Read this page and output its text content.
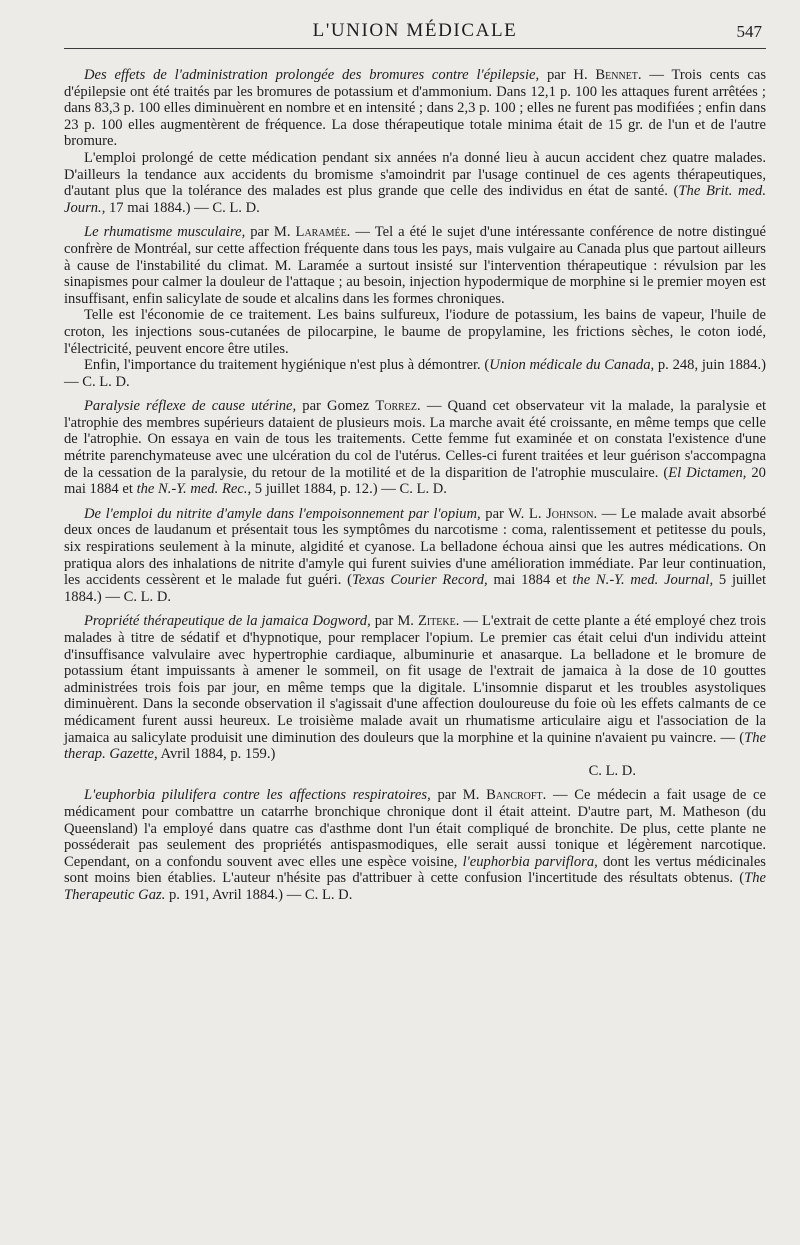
L'UNION MÉDICALE	547

Des effets de l'administration prolongée des bromures contre l'épilepsie, par H. Bennet. — Trois cents cas d'épilepsie ont été traités par les bromures de potassium et d'ammonium. Dans 12,1 p. 100 les attaques furent arrêtées ; dans 83,3 p. 100 elles diminuèrent en nombre et en intensité ; dans 2,3 p. 100 ; elles ne furent pas modifiées ; enfin dans 23 p. 100 elles augmentèrent de fréquence. La dose thérapeutique totale minima était de 15 gr. de l'un et de l'autre bromure.

L'emploi prolongé de cette médication pendant six années n'a donné lieu à aucun accident chez quatre malades. D'ailleurs la tendance aux accidents du bromisme s'amoindrit par l'usage continuel de ces agents thérapeutiques, d'autant plus que la tolérance des malades est plus grande que celle des individus en état de santé. (The Brit. med. Journ., 17 mai 1884.) — C. L. D.

Le rhumatisme musculaire, par M. Laramée. — Tel a été le sujet d'une intéressante conférence de notre distingué confrère de Montréal, sur cette affection fréquente dans tous les pays, mais vulgaire au Canada plus que partout ailleurs à cause de l'instabilité du climat. M. Laramée a surtout insisté sur l'intervention thérapeutique : révulsion par les sinapismes pour calmer la douleur de l'attaque ; au besoin, injection hypodermique de morphine si le premier moyen est insuffisant, enfin salicylate de soude et alcalins dans les formes chroniques.

Telle est l'économie de ce traitement. Les bains sulfureux, l'iodure de potassium, les bains de vapeur, l'huile de croton, les injections sous-cutanées de pilocarpine, le baume de propylamine, les frictions sèches, le coton iodé, l'électricité, peuvent encore être utiles.

Enfin, l'importance du traitement hygiénique n'est plus à démontrer. (Union médicale du Canada, p. 248, juin 1884.) — C. L. D.

Paralysie réflexe de cause utérine, par Gomez Torrez. — Quand cet observateur vit la malade, la paralysie et l'atrophie des membres supérieurs dataient de plusieurs mois. La marche avait été croissante, en même temps que celle de l'atrophie. On essaya en vain de tous les traitements. Cette femme fut examinée et on constata l'existence d'une métrite parenchymateuse avec une ulcération du col de l'utérus. Celles-ci furent traitées et leur guérison s'accompagna de la cessation de la paralysie, du retour de la motilité et de la disparition de l'atrophie musculaire. (El Dictamen, 20 mai 1884 et the N.-Y. med. Rec., 5 juillet 1884, p. 12.) — C. L. D.

De l'emploi du nitrite d'amyle dans l'empoisonnement par l'opium, par W. L. Johnson. — Le malade avait absorbé deux onces de laudanum et présentait tous les symptômes du narcotisme : coma, ralentissement et petitesse du pouls, six respirations seulement à la minute, algidité et cyanose. La belladone échoua ainsi que les autres médications. On pratiqua alors des inhalations de nitrite d'amyle qui furent suivies d'une amélioration immédiate. Par leur continuation, les accidents cessèrent et le malade fut guéri. (Texas Courier Record, mai 1884 et the N.-Y. med. Journal, 5 juillet 1884.) — C. L. D.

Propriété thérapeutique de la jamaica Dogword, par M. Ziteke. — L'extrait de cette plante a été employé chez trois malades à titre de sédatif et d'hypnotique, pour remplacer l'opium. Le premier cas était celui d'un individu atteint d'insuffisance valvulaire avec hypertrophie cardiaque, albuminurie et anasarque. La belladone et le bromure de potassium étant impuissants à amener le sommeil, on fit usage de l'extrait de jamaica à la dose de 10 gouttes administrées trois fois par jour, en même temps que la digitale. L'insomnie disparut et les troubles asystoliques diminuèrent. Dans la seconde observation il s'agissait d'une affection douloureuse du foie où les effets calmants de ce médicament furent aussi heureux. Le troisième malade avait un rhumatisme articulaire aigu et l'association de la jamaica au salicylate produisit une diminution des douleurs que la morphine et la quinine n'avaient pu vaincre. — (The therap. Gazette, Avril 1884, p. 159.)

C. L. D.

L'euphorbia pilulifera contre les affections respiratoires, par M. Bancroft. — Ce médecin a fait usage de ce médicament pour combattre un catarrhe bronchique chronique dont il était atteint. D'autre part, M. Matheson (du Queensland) l'a employé dans quatre cas d'asthme dont l'un était compliqué de bronchite. De plus, cette plante ne posséderait pas seulement des propriétés antispasmodiques, elle serait aussi tonique et légèrement narcotique. Cependant, on a confondu souvent avec elles une espèce voisine, l'euphorbia parviflora, dont les vertus médicinales sont moins bien établies. L'auteur n'hésite pas d'attribuer à cette confusion l'incertitude des résultats obtenus. (The Therapeutic Gaz. p. 191, Avril 1884.) — C. L. D.
